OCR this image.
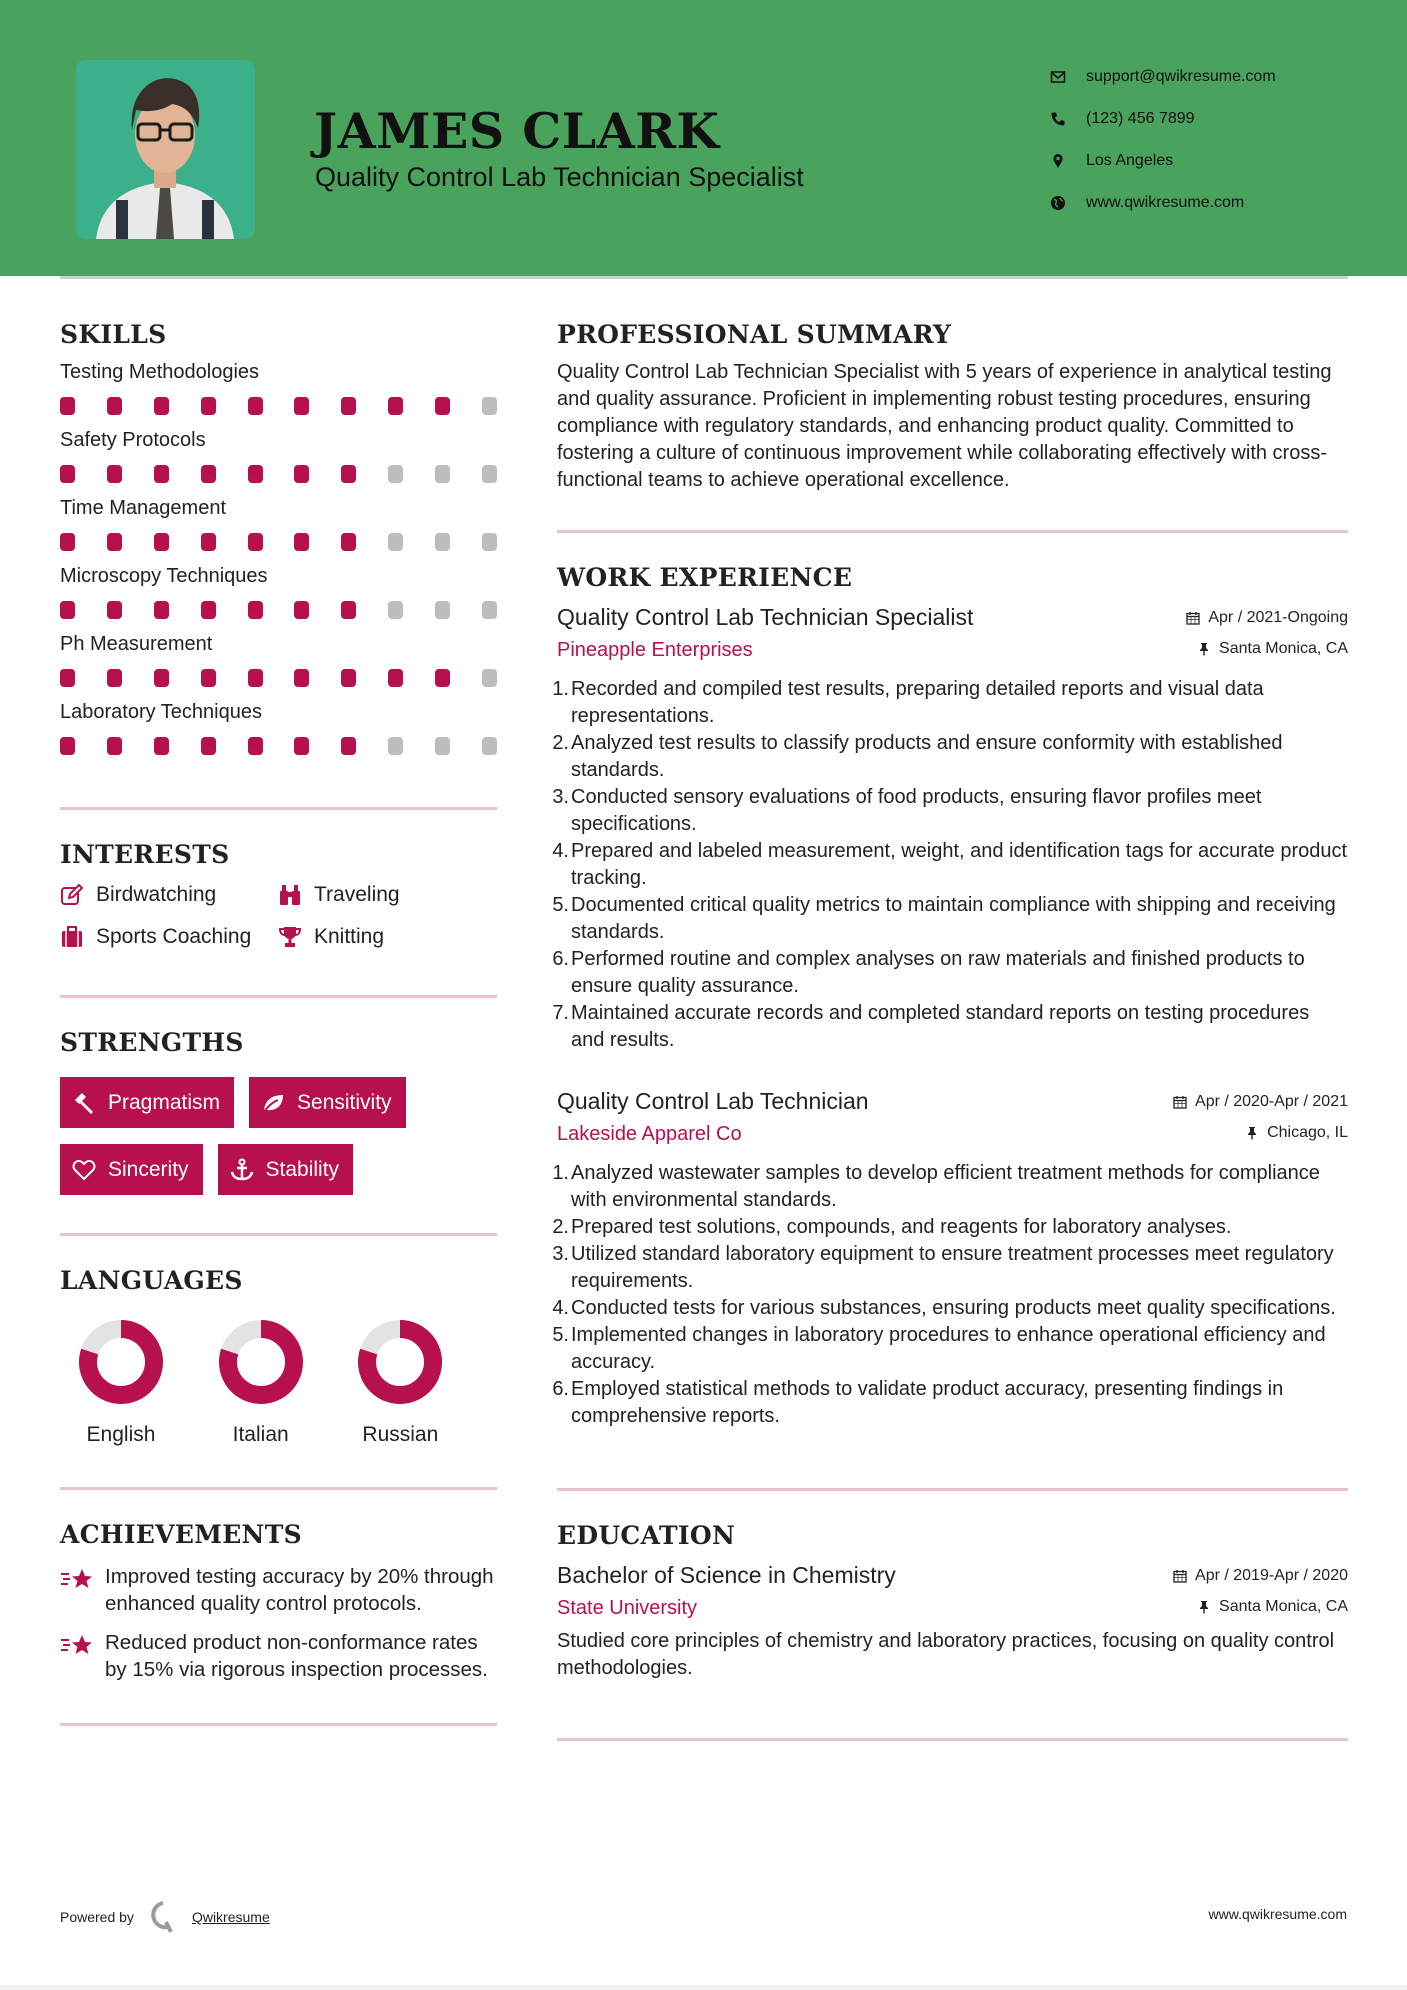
JAMES CLARK
Quality Control Lab Technician Specialist
support@qwikresume.com
(123) 456 7899
Los Angeles
www.qwikresume.com
SKILLS
Testing Methodologies
Safety Protocols
Time Management
Microscopy Techniques
Ph Measurement
Laboratory Techniques
INTERESTS
Birdwatching	Traveling
Sports Coaching	Knitting
STRENGTHS
Pragmatism	Sensitivity
Sincerity	Stability
LANGUAGES
English	Italian	Russian
ACHIEVEMENTS
Improved testing accuracy by 20% through enhanced quality control protocols.
Reduced product non-conformance rates by 15% via rigorous inspection processes.
PROFESSIONAL SUMMARY

Quality Control Lab Technician Specialist with 5 years of experience in analytical testing and quality assurance. Proficient in implementing robust testing procedures, ensuring compliance with regulatory standards, and enhancing product quality. Committed to fostering a culture of continuous improvement while collaborating effectively with cross-functional teams to achieve operational excellence.

WORK EXPERIENCE
Quality Control Lab Technician Specialist	Apr / 2021-Ongoing
Pineapple Enterprises	Santa Monica, CA
1. Recorded and compiled test results, preparing detailed reports and visual data representations.
2. Analyzed test results to classify products and ensure conformity with established standards.
3. Conducted sensory evaluations of food products, ensuring flavor profiles meet specifications.
4. Prepared and labeled measurement, weight, and identification tags for accurate product tracking.
5. Documented critical quality metrics to maintain compliance with shipping and receiving standards.
6. Performed routine and complex analyses on raw materials and finished products to ensure quality assurance.
7. Maintained accurate records and completed standard reports on testing procedures and results.
Quality Control Lab Technician	Apr / 2020-Apr / 2021
Lakeside Apparel Co	Chicago, IL
1. Analyzed wastewater samples to develop efficient treatment methods for compliance with environmental standards.
2. Prepared test solutions, compounds, and reagents for laboratory analyses.
3. Utilized standard laboratory equipment to ensure treatment processes meet regulatory requirements.
4. Conducted tests for various substances, ensuring products meet quality specifications.
5. Implemented changes in laboratory procedures to enhance operational efficiency and accuracy.
6. Employed statistical methods to validate product accuracy, presenting findings in comprehensive reports.
EDUCATION
Bachelor of Science in Chemistry	Apr / 2019-Apr / 2020
State University	Santa Monica, CA

Studied core principles of chemistry and laboratory practices, focusing on quality control methodologies.

Powered by	Qwikresume	www.qwikresume.com
